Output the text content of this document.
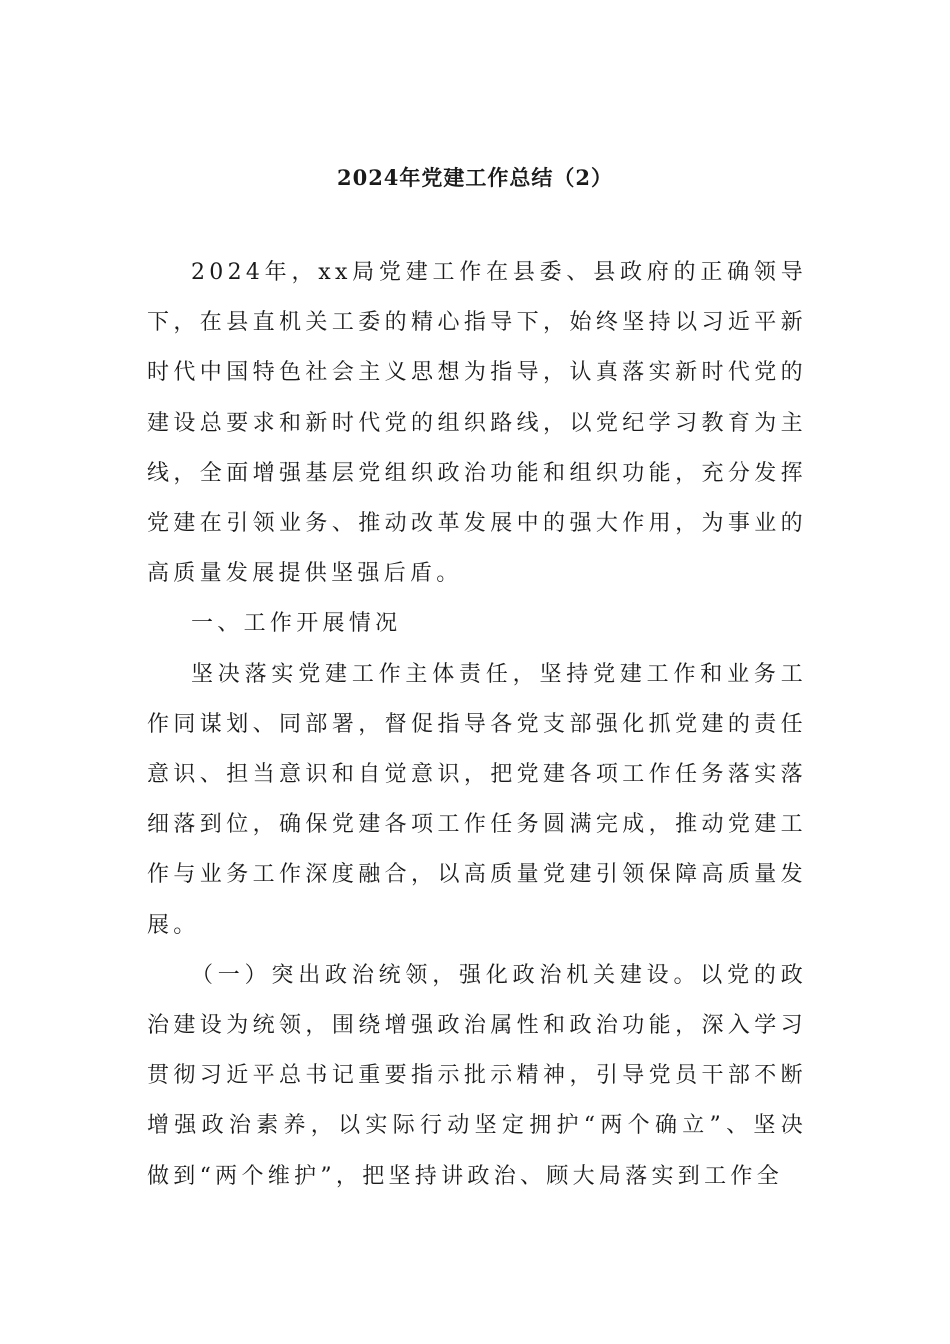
2024年党建工作总结（2）

2024年，xx局党建工作在县委、县政府的正确领导下，在县直机关工委的精心指导下，始终坚持以习近平新时代中国特色社会主义思想为指导，认真落实新时代党的建设总要求和新时代党的组织路线，以党纪学习教育为主线，全面增强基层党组织政治功能和组织功能，充分发挥党建在引领业务、推动改革发展中的强大作用，为事业的高质量发展提供坚强后盾。

一、工作开展情况

坚决落实党建工作主体责任，坚持党建工作和业务工作同谋划、同部署，督促指导各党支部强化抓党建的责任意识、担当意识和自觉意识，把党建各项工作任务落实落细落到位，确保党建各项工作任务圆满完成，推动党建工作与业务工作深度融合，以高质量党建引领保障高质量发展。

（一）突出政治统领，强化政治机关建设。以党的政治建设为统领，围绕增强政治属性和政治功能，深入学习贯彻习近平总书记重要指示批示精神，引导党员干部不断增强政治素养，以实际行动坚定拥护“两个确立”、坚决做到“两个维护”，把坚持讲政治、顾大局落实到工作全
